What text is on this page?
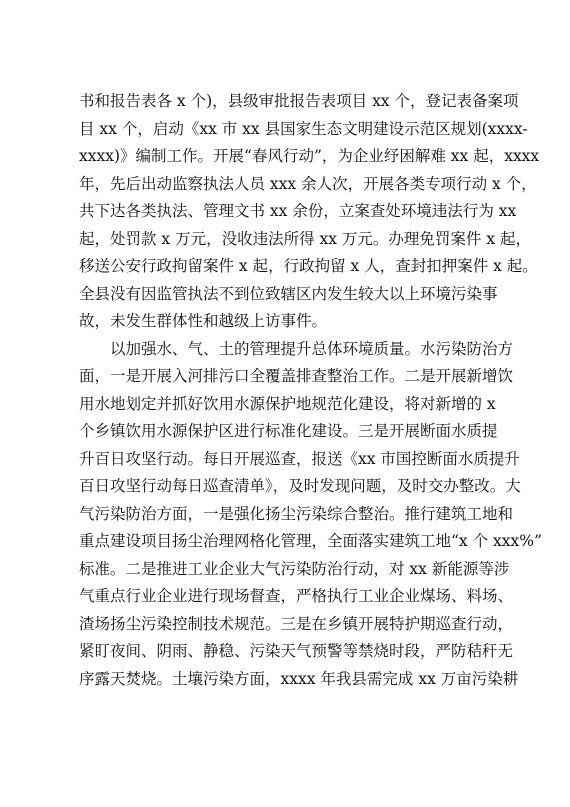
书和报告表各 x 个)，县级审批报告表项目 xx 个，登记表备案项
目 xx 个，启动《xx 市 xx 县国家生态文明建设示范区规划(xxxx-
xxxx)》编制工作。开展“春风行动”，为企业纾困解难 xx 起，xxxx
年，先后出动监察执法人员 xxx 余人次，开展各类专项行动 x 个，
共下达各类执法、管理文书 xx 余份，立案查处环境违法行为 xx
起，处罚款 x 万元，没收违法所得 xx 万元。办理免罚案件 x 起，
移送公安行政拘留案件 x 起，行政拘留 x 人，查封扣押案件 x 起。
全县没有因监管执法不到位致辖区内发生较大以上环境污染事
故，未发生群体性和越级上访事件。
以加强水、气、土的管理提升总体环境质量。水污染防治方
面，一是开展入河排污口全覆盖排查整治工作。二是开展新增饮
用水地划定并抓好饮用水源保护地规范化建设，将对新增的 x
个乡镇饮用水源保护区进行标准化建设。三是开展断面水质提
升百日攻坚行动。每日开展巡查，报送《xx 市国控断面水质提升
百日攻坚行动每日巡查清单》，及时发现问题，及时交办整改。大
气污染防治方面，一是强化扬尘污染综合整治。推行建筑工地和
重点建设项目扬尘治理网格化管理，全面落实建筑工地“x 个 xxx%”
标准。二是推进工业企业大气污染防治行动，对 xx 新能源等涉
气重点行业企业进行现场督查，严格执行工业企业煤场、料场、
渣场扬尘污染控制技术规范。三是在乡镇开展特护期巡查行动，
紧盯夜间、阴雨、静稳、污染天气预警等禁烧时段，严防秸秆无
序露天焚烧。土壤污染方面，xxxx 年我县需完成 xx 万亩污染耕
